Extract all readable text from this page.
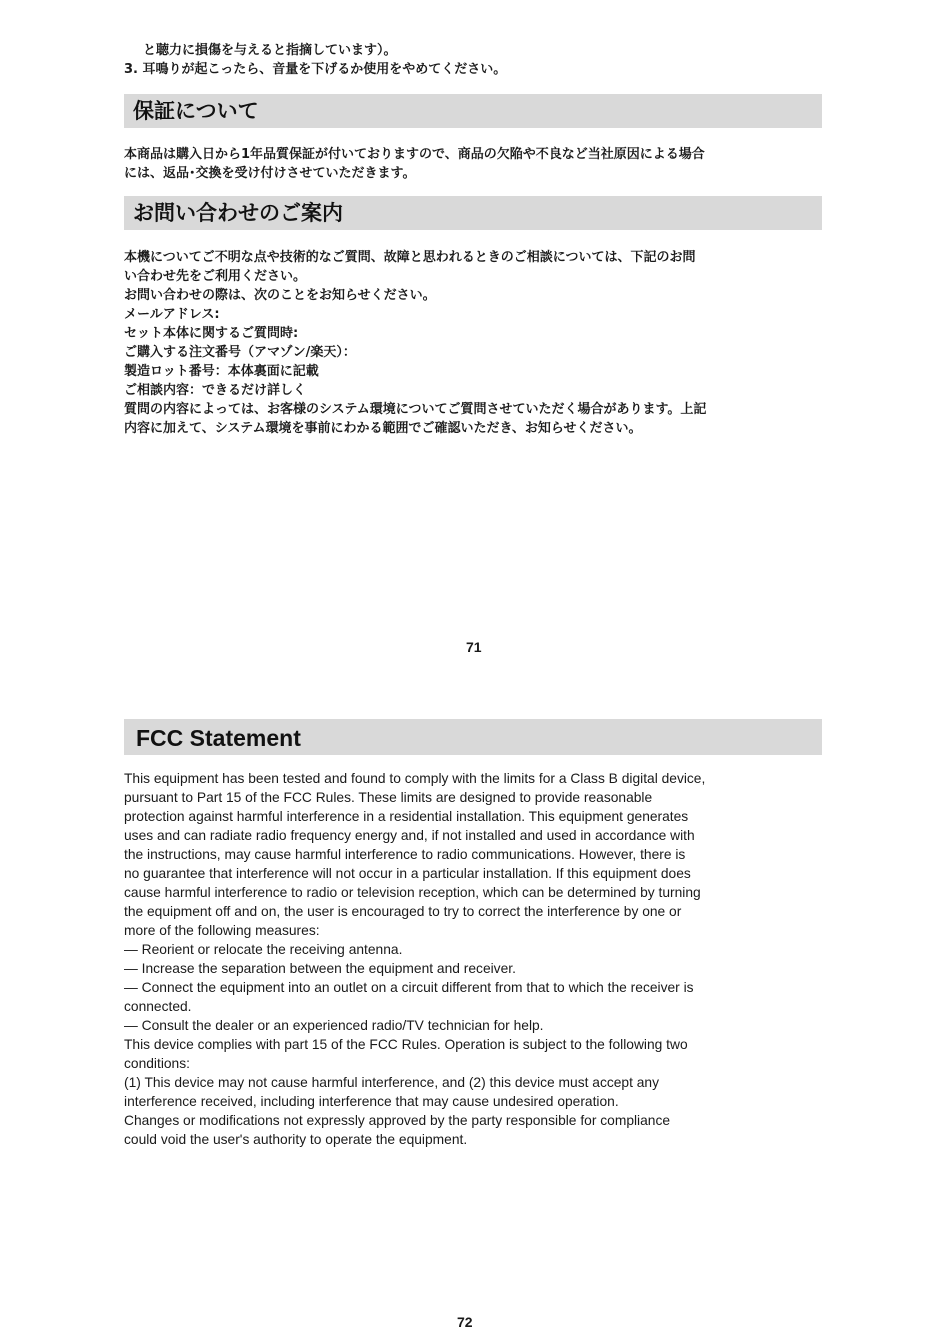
と聴力に損傷を与えると指摘しています）。
3. 耳鳴りが起こったら、音量を下げるか使用をやめてください。
保証について
本商品は購入日から1年品質保証が付いておりますので、商品の欠陥や不良など当社原因による場合
には、返品･交換を受け付けさせていただきます。
お問い合わせのご案内
本機についてご不明な点や技術的なご質問、故障と思われるときのご相談については、下記のお問
い合わせ先をご利用ください。
お問い合わせの際は、次のことをお知らせください。
メールアドレス:
セット本体に関するご質問時:
ご購入する注文番号（アマゾン/楽天）：
製造ロット番号：本体裏面に記載
ご相談内容：できるだけ詳しく
質問の内容によっては、お客様のシステム環境についてご質問させていただく場合があります。上記
内容に加えて、システム環境を事前にわかる範囲でご確認いただき、お知らせください。
71
FCC Statement
This equipment has been tested and found to comply with the limits for a Class B digital device,
pursuant to Part 15 of the FCC Rules. These limits are designed to provide reasonable
protection against harmful interference in a residential installation. This equipment generates
uses and can radiate radio frequency energy and, if not installed and used in accordance with
the instructions, may cause harmful interference to radio communications. However, there is
no guarantee that interference will not occur in a particular installation. If this equipment does
cause harmful interference to radio or television reception, which can be determined by turning
the equipment off and on, the user is encouraged to try to correct the interference by one or
more of the following measures:
— Reorient or relocate the receiving antenna.
— Increase the separation between the equipment and receiver.
— Connect the equipment into an outlet on a circuit different from that to which the receiver is
connected.
— Consult the dealer or an experienced radio/TV technician for help.
This device complies with part 15 of the FCC Rules. Operation is subject to the following two
conditions:
(1) This device may not cause harmful interference, and (2) this device must accept any
interference received, including interference that may cause undesired operation.
Changes or modifications not expressly approved by the party responsible for compliance
could void the user's authority to operate the equipment.
72
